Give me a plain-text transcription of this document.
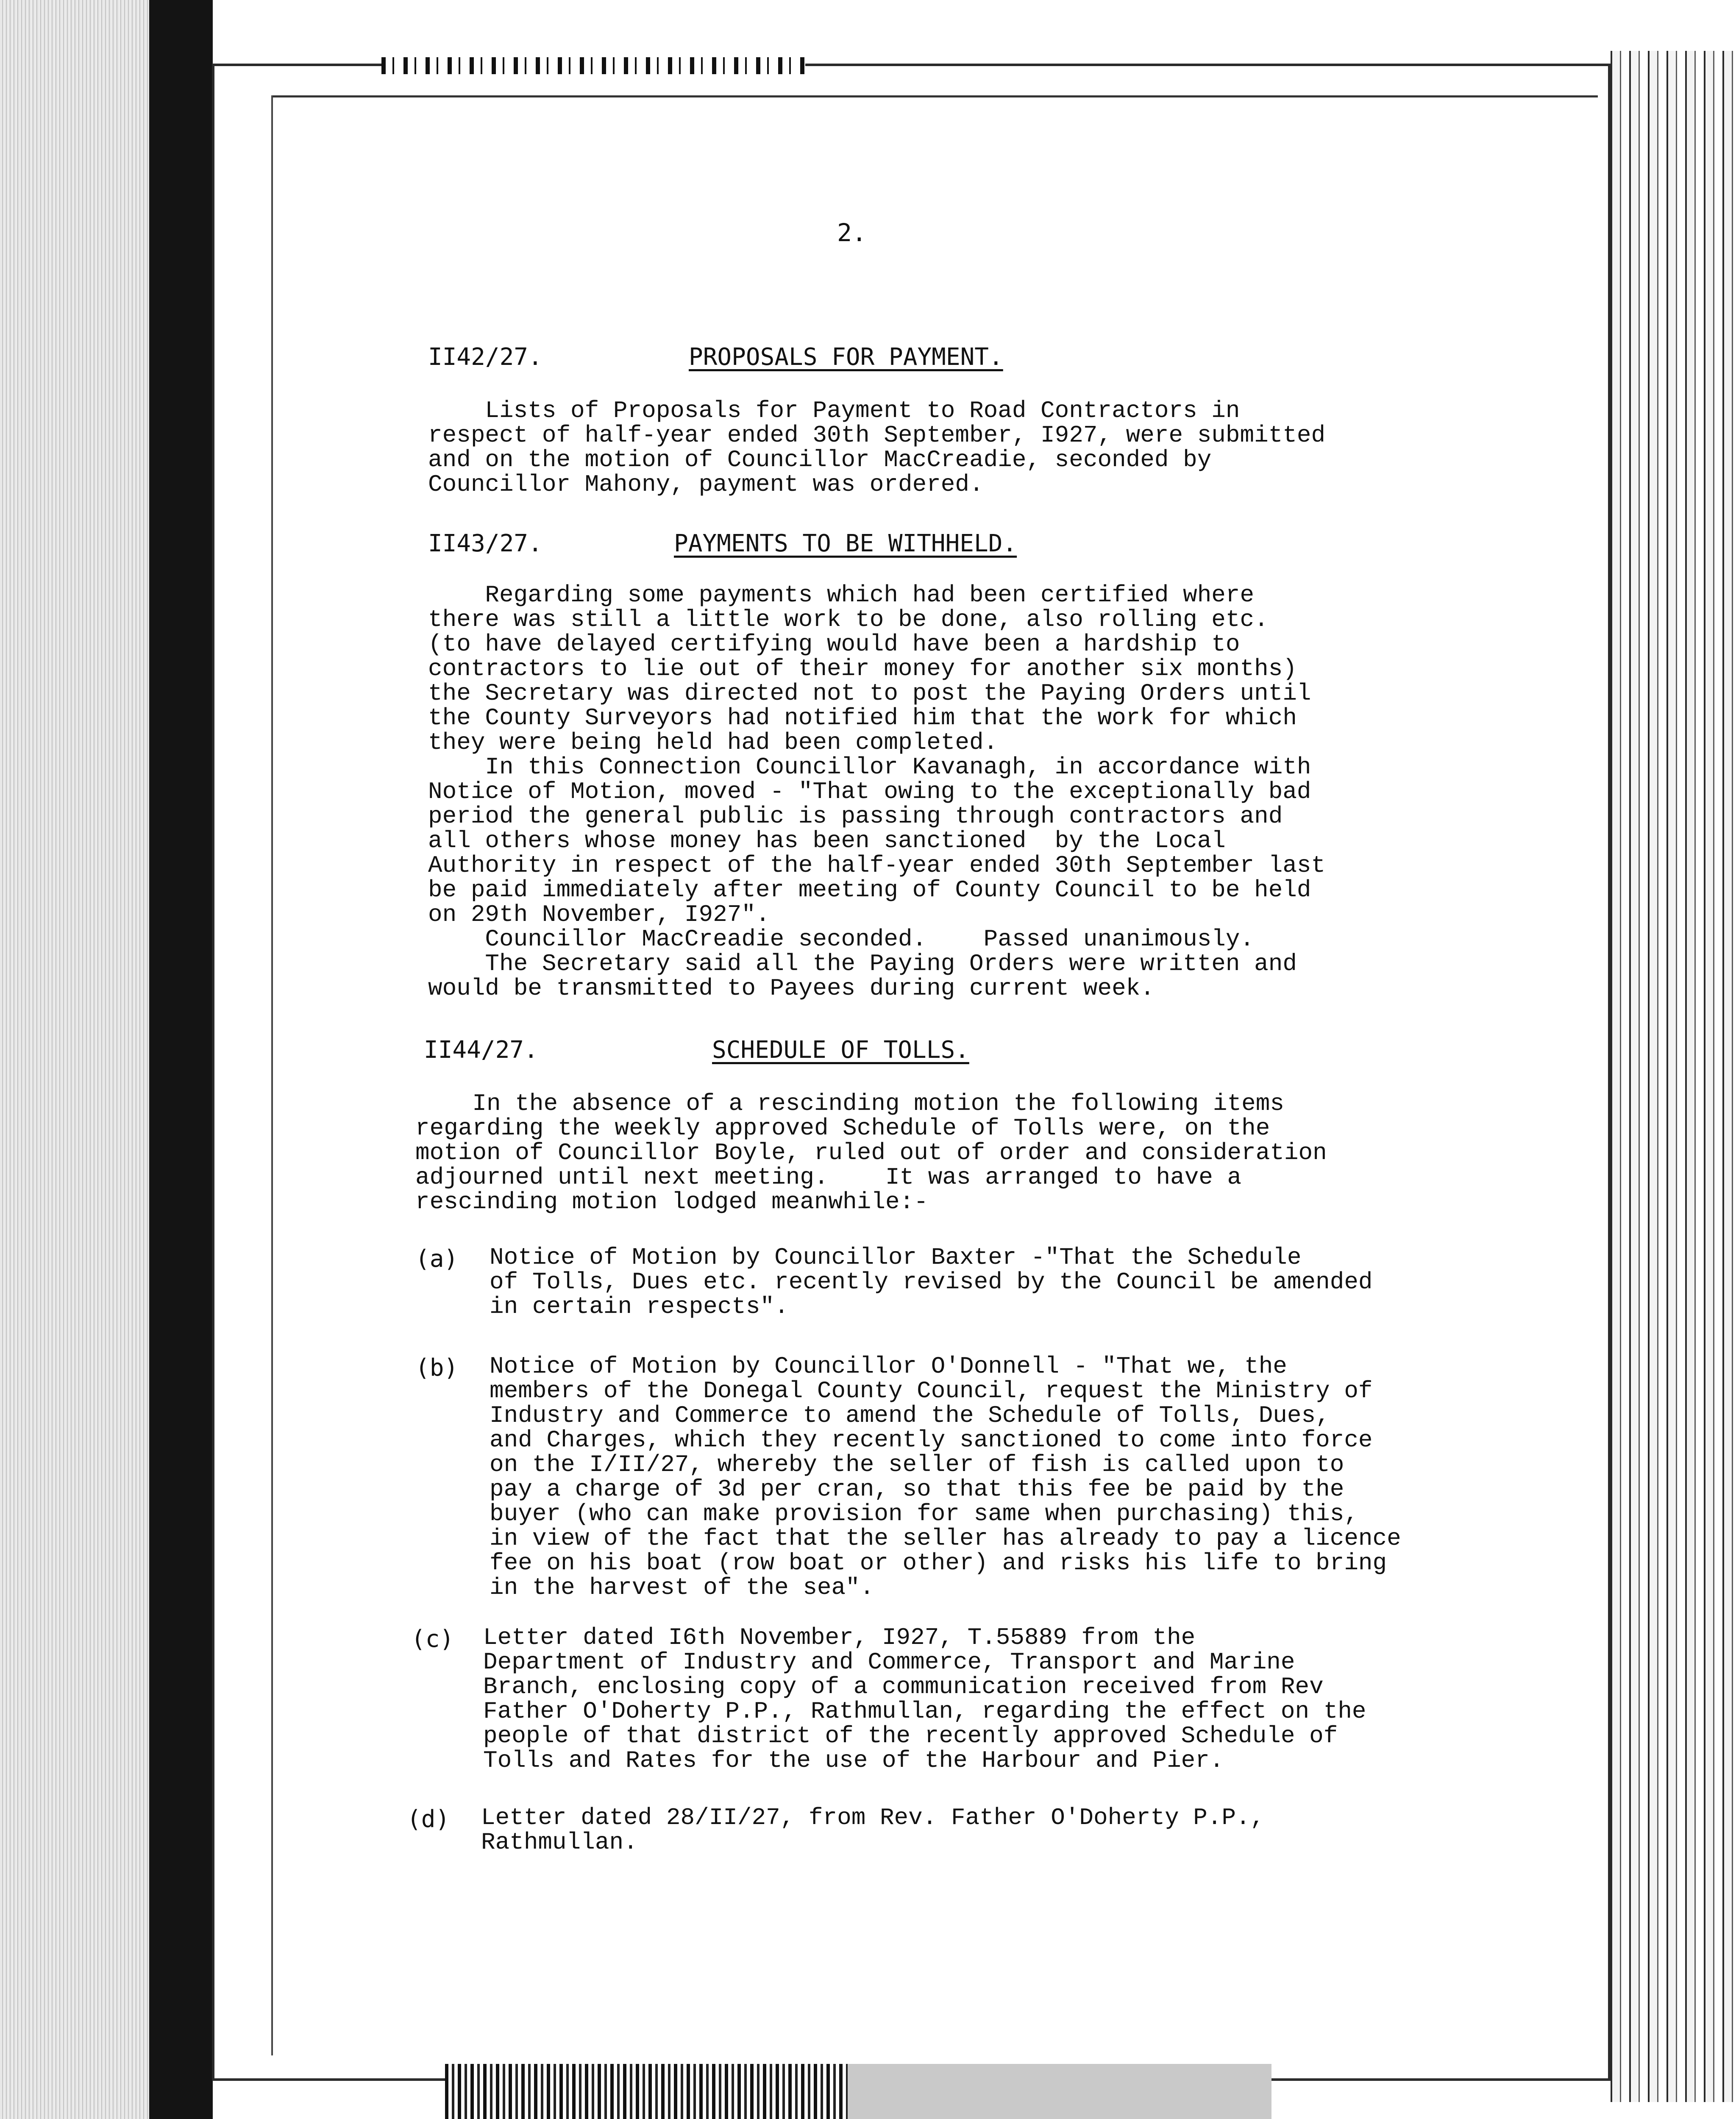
2.
II42/27.	PROPOSALS FOR PAYMENT.
Lists of Proposals for Payment to Road Contractors in
respect of half-year ended 30th September, I927, were submitted
and on the motion of Councillor MacCreadie, seconded by
Councillor Mahony, payment was ordered.
II43/27.	PAYMENTS TO BE WITHHELD.
Regarding some payments which had been certified where
there was still a little work to be done, also rolling etc.
(to have delayed certifying would have been a hardship to
contractors to lie out of their money for another six months)
the Secretary was directed not to post the Paying Orders until
the County Surveyors had notified him that the work for which
they were being held had been completed.
In this Connection Councillor Kavanagh, in accordance with
Notice of Motion, moved - "That owing to the exceptionally bad
period the general public is passing through contractors and
all others whose money has been sanctioned  by the Local
Authority in respect of the half-year ended 30th September last
be paid immediately after meeting of County Council to be held
on 29th November, I927".
Councillor MacCreadie seconded.    Passed unanimously.
The Secretary said all the Paying Orders were written and
would be transmitted to Payees during current week.
II44/27.	SCHEDULE OF TOLLS.
In the absence of a rescinding motion the following items
regarding the weekly approved Schedule of Tolls were, on the
motion of Councillor Boyle, ruled out of order and consideration
adjourned until next meeting.    It was arranged to have a
rescinding motion lodged meanwhile:-
(a) Notice of Motion by Councillor Baxter -"That the Schedule
of Tolls, Dues etc. recently revised by the Council be amended
in certain respects".
(b) Notice of Motion by Councillor O'Donnell - "That we, the
members of the Donegal County Council, request the Ministry of
Industry and Commerce to amend the Schedule of Tolls, Dues,
and Charges, which they recently sanctioned to come into force
on the I/II/27, whereby the seller of fish is called upon to
pay a charge of 3d per cran, so that this fee be paid by the
buyer (who can make provision for same when purchasing) this,
in view of the fact that the seller has already to pay a licence
fee on his boat (row boat or other) and risks his life to bring
in the harvest of the sea".
(c) Letter dated I6th November, I927, T.55889 from the
Department of Industry and Commerce, Transport and Marine
Branch, enclosing copy of a communication received from Rev
Father O'Doherty P.P., Rathmullan, regarding the effect on the
people of that district of the recently approved Schedule of
Tolls and Rates for the use of the Harbour and Pier.
(d) Letter dated 28/II/27, from Rev. Father O'Doherty P.P.,
Rathmullan.
